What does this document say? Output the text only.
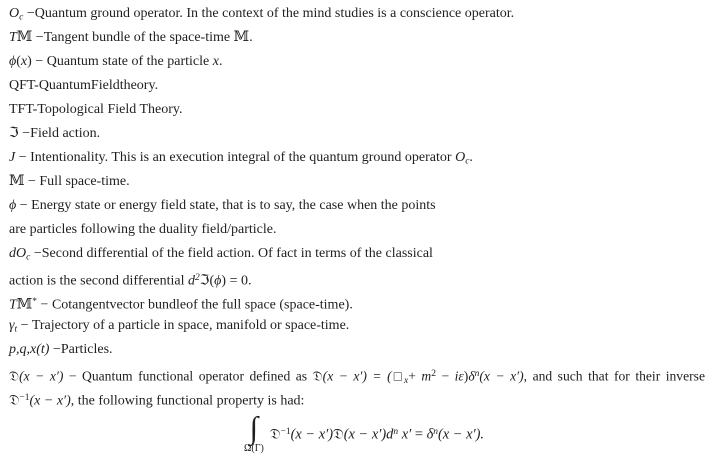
Oc −Quantum ground operator. In the context of the mind studies is a conscience operator.

T𝕄 −Tangent bundle of the space-time 𝕄.

ϕ(x) − Quantum state of the particle x.

QFT-QuantumFieldtheory.

TFT-Topological Field Theory.

ℑ −Field action.

J − Intentionality. This is an execution integral of the quantum ground operator Oc.

𝕄 − Full space-time.

ϕ − Energy state or energy field state, that is to say, the case when the points

are particles following the duality field/particle.

dOc −Second differential of the field action. Of fact in terms of the classical

action is the second differential $d^2ℑ(\phi) = 0$.

T𝕄* − Cotangentvector bundleof the full space (space-time).

γt − Trajectory of a particle in space, manifold or space-time.

p,q,x(t) −Particles.

𝔇(x − x′) − Quantum functional operator defined as 𝔇(x − x′) = (□x+ $m^2 - i\varepsilon)\delta^n(x - x')$, and such that for their inverse

𝔇$^{-1}$(x − x′), the following functional property is had:

∫
Ω(Γ)
𝔇$^{-1}$(x − x′)𝔇(x − $x')d^n$ $x' = \delta^n(x - x')$.
